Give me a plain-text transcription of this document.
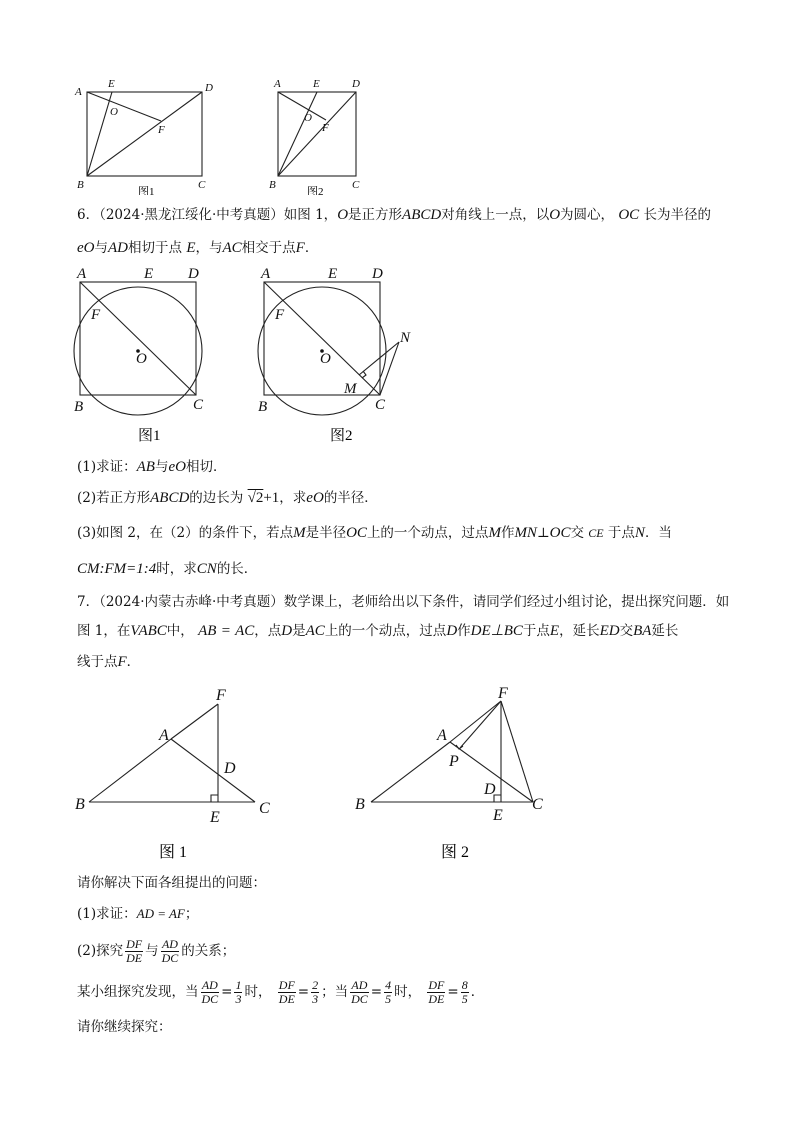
A
E	D
O
F
B	C
图1
A	E	D
O
F
B	C
图2
6．（2024·黑龙江绥化·中考真题）如图 1，O是正方形ABCD对角线上一点，以O为圆心， OC 长为半径的
eO与AD相切于点 E，与AC相交于点F．
A	E D
F
O
B	C
图1
A	E D
F
O
M
N
B	C
图2
(1)求证：AB与eO相切．
(2)若正方形ABCD的边长为 √2+1，求eO的半径．
(3)如图 2，在（2）的条件下，若点M是半径OC上的一个动点，过点M作MN⊥OC交 CE 于点N．当
CM:FM=1:4时，求CN的长．
7．（2024·内蒙古赤峰·中考真题）数学课上，老师给出以下条件，请同学们经过小组讨论，提出探究问题．如
图 1，在VABC中， AB = AC，点D是AC上的一个动点，过点D作DE⊥BC于点E，延长ED交BA延长
线于点F．
F
A
D
B
E
C
图 1
F
A
P
D
B
E
C
图 2
请你解决下面各组提出的问题：
(1)求证：AD = AF；
(2)探究 $\frac{DF}{DE}$ 与 $\frac{AD}{DC}$ 的关系；
某小组探究发现，当 $\frac{AD}{DC} = \frac{1}{3}$ 时， $\frac{DF}{DE} = \frac{2}{3}$ ；当 $\frac{AD}{DC} = \frac{4}{5}$ 时， $\frac{DF}{DE} = \frac{8}{5}$ ．
请你继续探究：
